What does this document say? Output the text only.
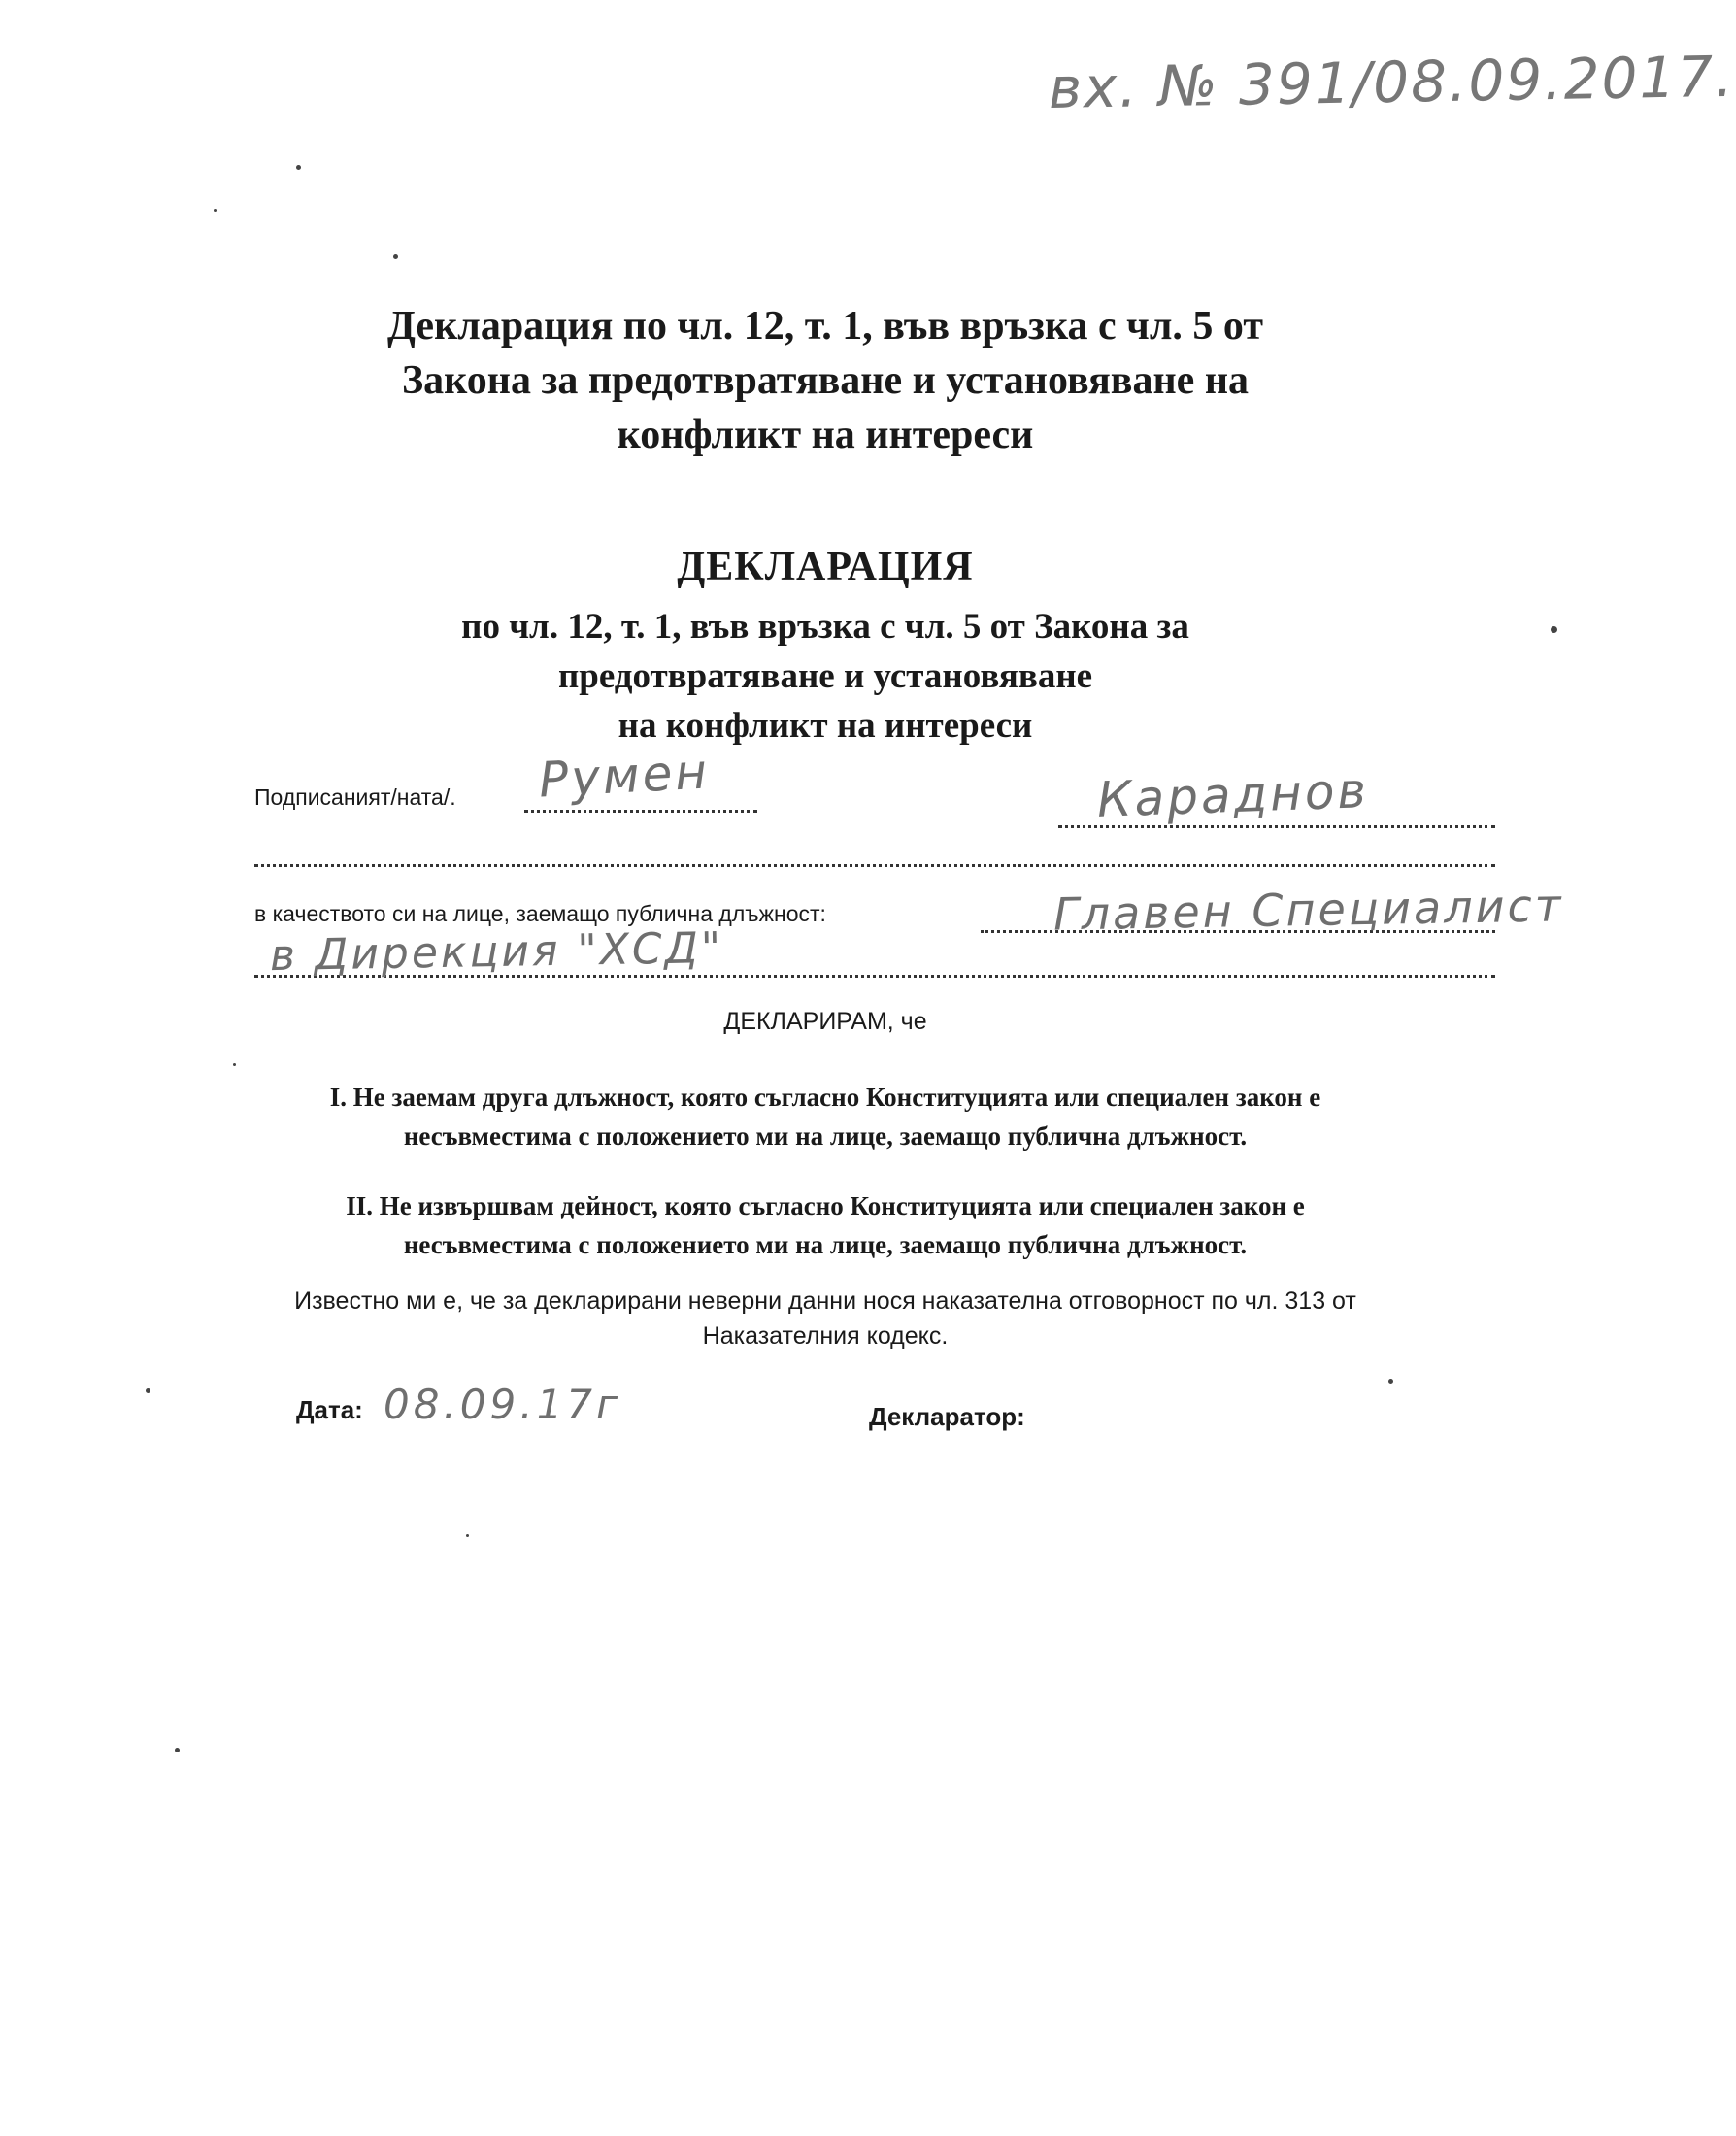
вх. № 391/08.09.2017.
Декларация по чл. 12, т. 1, във връзка с чл. 5 от
Закона за предотвратяване и установяване на
конфликт на интереси
ДЕКЛАРАЦИЯ
по чл. 12, т. 1, във връзка с чл. 5 от Закона за
предотвратяване и установяване
на конфликт на интереси
Подписаният/ната/. Румен	Караднов
в качеството си на лице, заемащо публична длъжност:	Главен Специалист
в Дирекция "ХСД"
ДЕКЛАРИРАМ, че
I. Не заемам друга длъжност, която съгласно Конституцията или специален закон е
несъвместима с положението ми на лице, заемащо публична длъжност.
II. Не извършвам дейност, която съгласно Конституцията или специален закон е
несъвместима с положението ми на лице, заемащо публична длъжност.
Известно ми е, че за декларирани неверни данни нося наказателна отговорност по чл. 313 от
Наказателния кодекс.
Дата: 08.09.17г	Декларатор:
